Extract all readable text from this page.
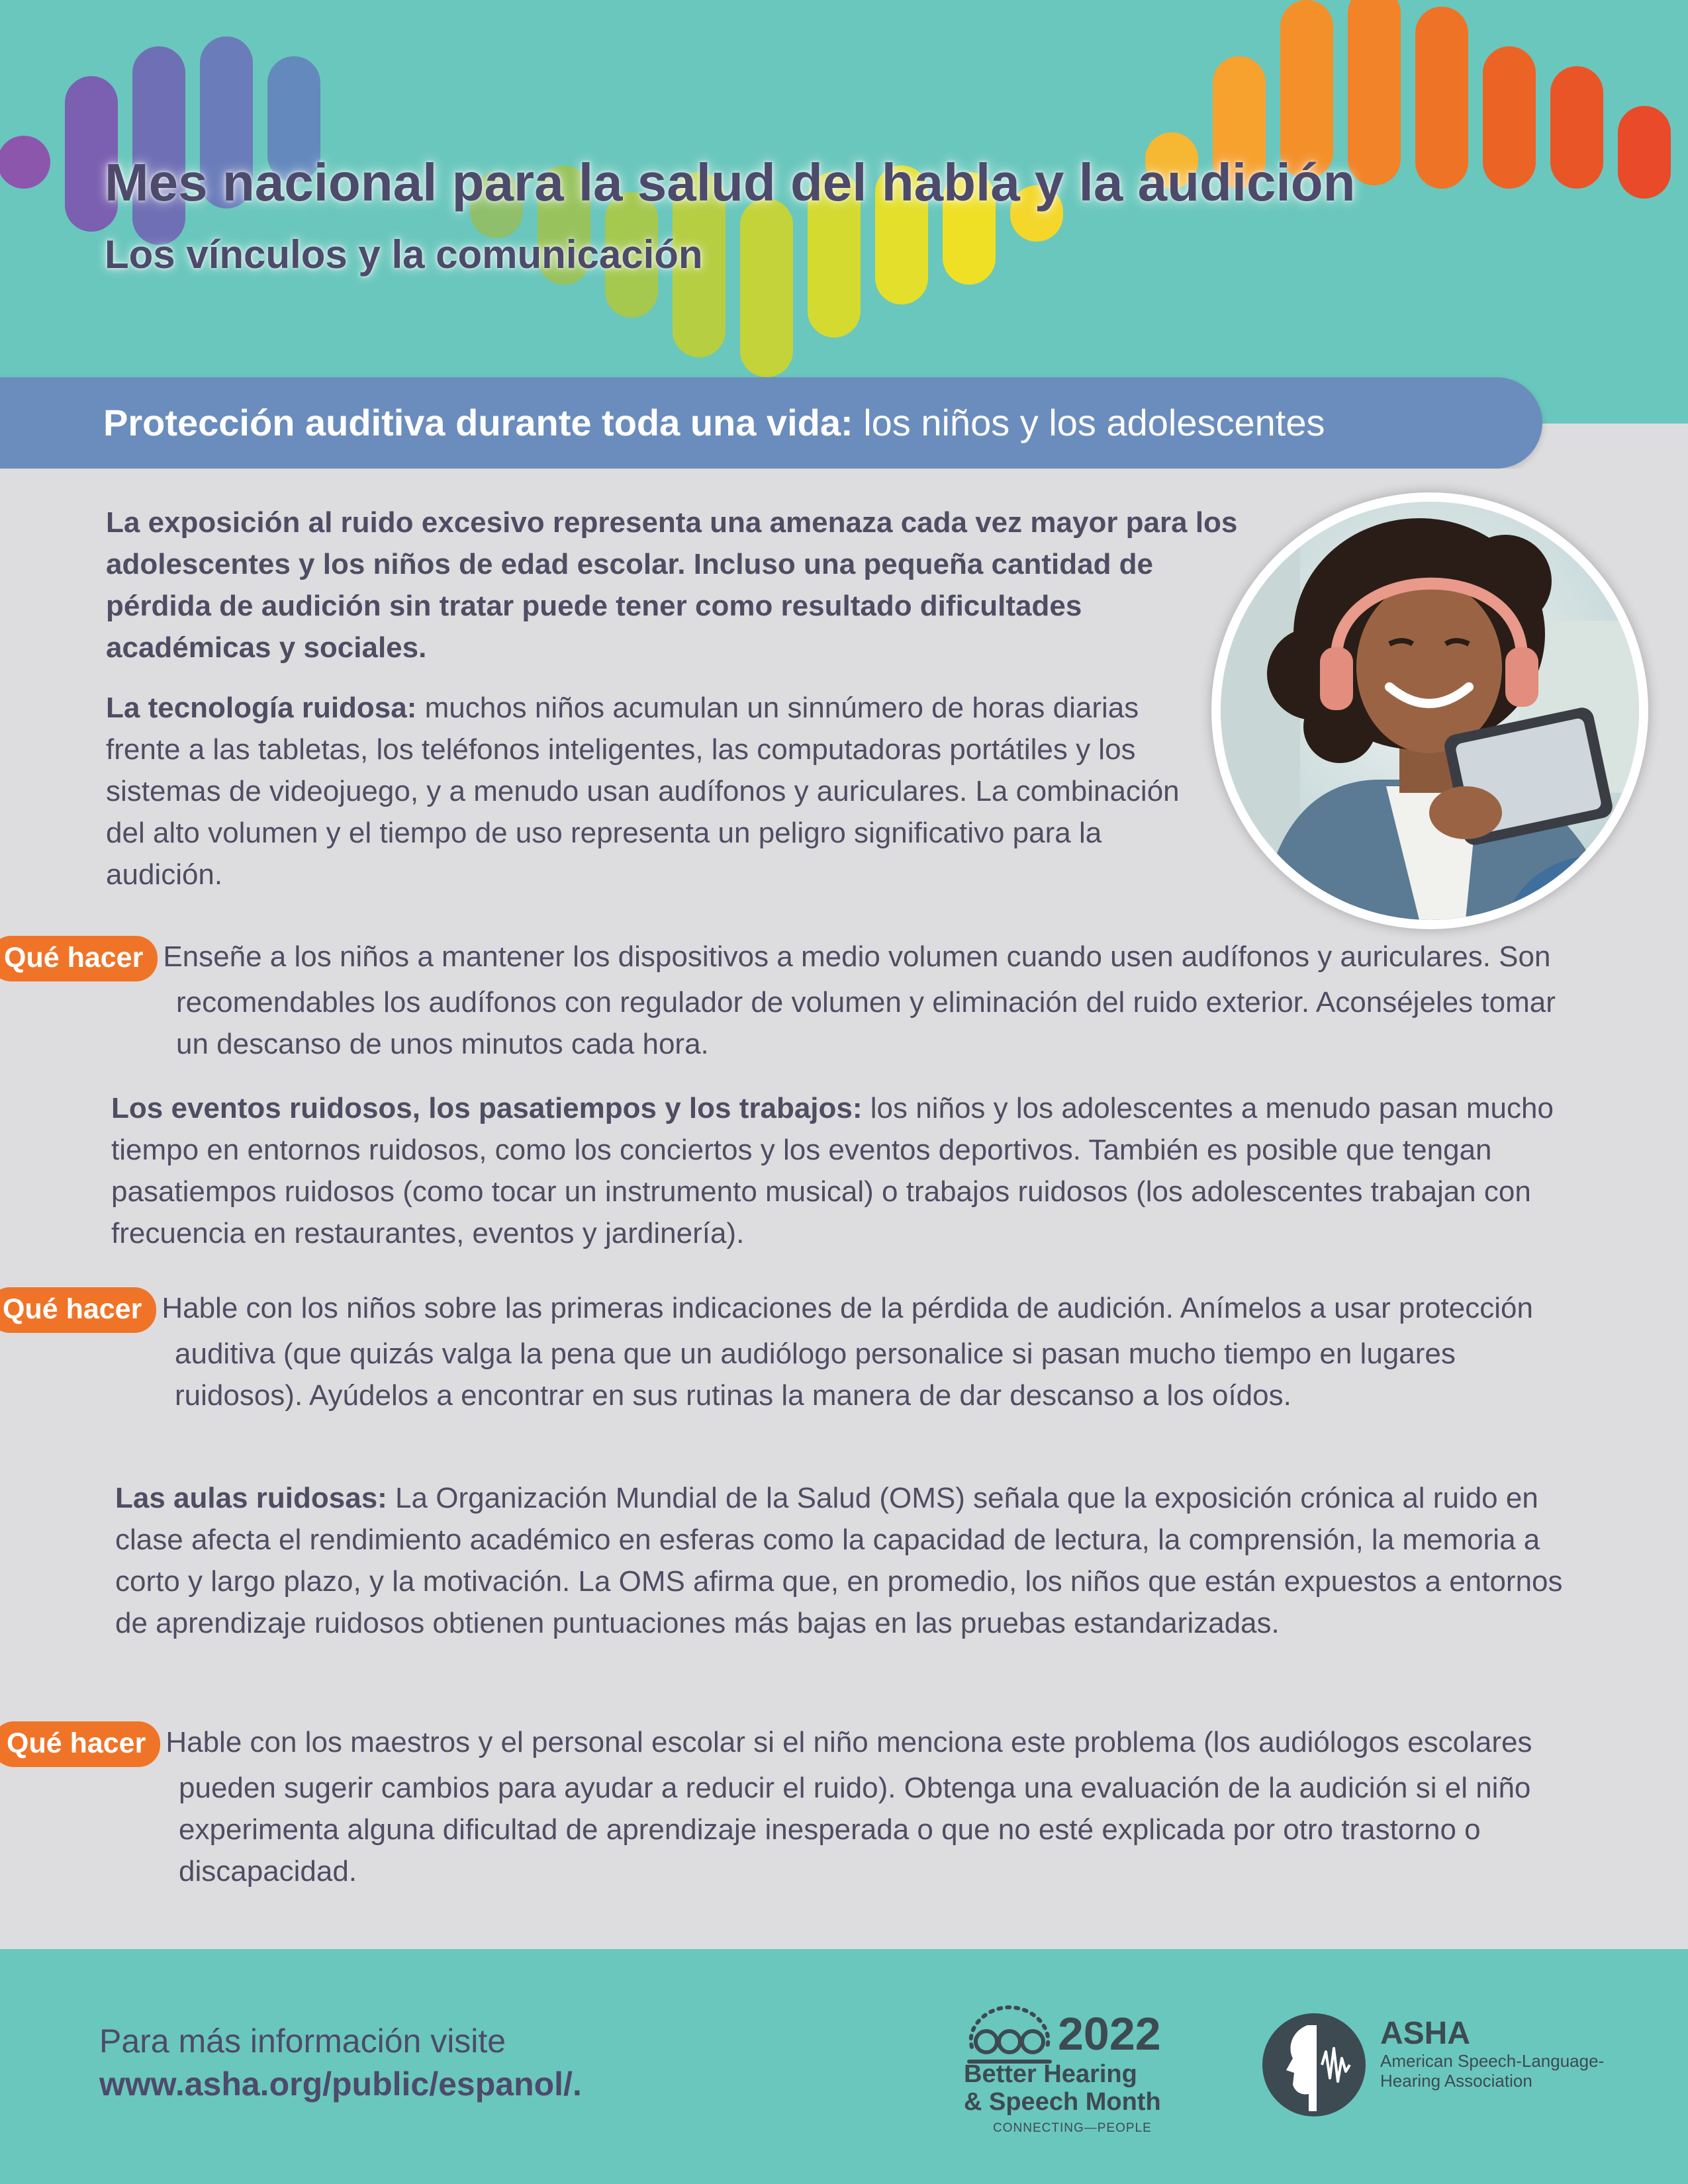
Mes nacional para la salud del habla y la audición
Los vínculos y la comunicación
Protección auditiva durante toda una vida: los niños y los adolescentes
La exposición al ruido excesivo representa una amenaza cada vez mayor para los adolescentes y los niños de edad escolar. Incluso una pequeña cantidad de pérdida de audición sin tratar puede tener como resultado dificultades académicas y sociales.
La tecnología ruidosa: muchos niños acumulan un sinnúmero de horas diarias frente a las tabletas, los teléfonos inteligentes, las computadoras portátiles y los sistemas de videojuego, y a menudo usan audífonos y auriculares. La combinación del alto volumen y el tiempo de uso representa un peligro significativo para la audición.
Qué hacer Enseñe a los niños a mantener los dispositivos a medio volumen cuando usen audífonos y auriculares. Son recomendables los audífonos con regulador de volumen y eliminación del ruido exterior. Aconséjeles tomar un descanso de unos minutos cada hora.
Los eventos ruidosos, los pasatiempos y los trabajos: los niños y los adolescentes a menudo pasan mucho tiempo en entornos ruidosos, como los conciertos y los eventos deportivos. También es posible que tengan pasatiempos ruidosos (como tocar un instrumento musical) o trabajos ruidosos (los adolescentes trabajan con frecuencia en restaurantes, eventos y jardinería).
Qué hacer Hable con los niños sobre las primeras indicaciones de la pérdida de audición. Anímelos a usar protección auditiva (que quizás valga la pena que un audiólogo personalice si pasan mucho tiempo en lugares ruidosos). Ayúdelos a encontrar en sus rutinas la manera de dar descanso a los oídos.
Las aulas ruidosas: La Organización Mundial de la Salud (OMS) señala que la exposición crónica al ruido en clase afecta el rendimiento académico en esferas como la capacidad de lectura, la comprensión, la memoria a corto y largo plazo, y la motivación. La OMS afirma que, en promedio, los niños que están expuestos a entornos de aprendizaje ruidosos obtienen puntuaciones más bajas en las pruebas estandarizadas.
Qué hacer Hable con los maestros y el personal escolar si el niño menciona este problema (los audiólogos escolares pueden sugerir cambios para ayudar a reducir el ruido). Obtenga una evaluación de la audición si el niño experimenta alguna dificultad de aprendizaje inesperada o que no esté explicada por otro trastorno o discapacidad.
Para más información visite
www.asha.org/public/espanol/.
2022
Better Hearing
& Speech Month
CONNECTING—PEOPLE
ASHA
American Speech-Language-Hearing Association
